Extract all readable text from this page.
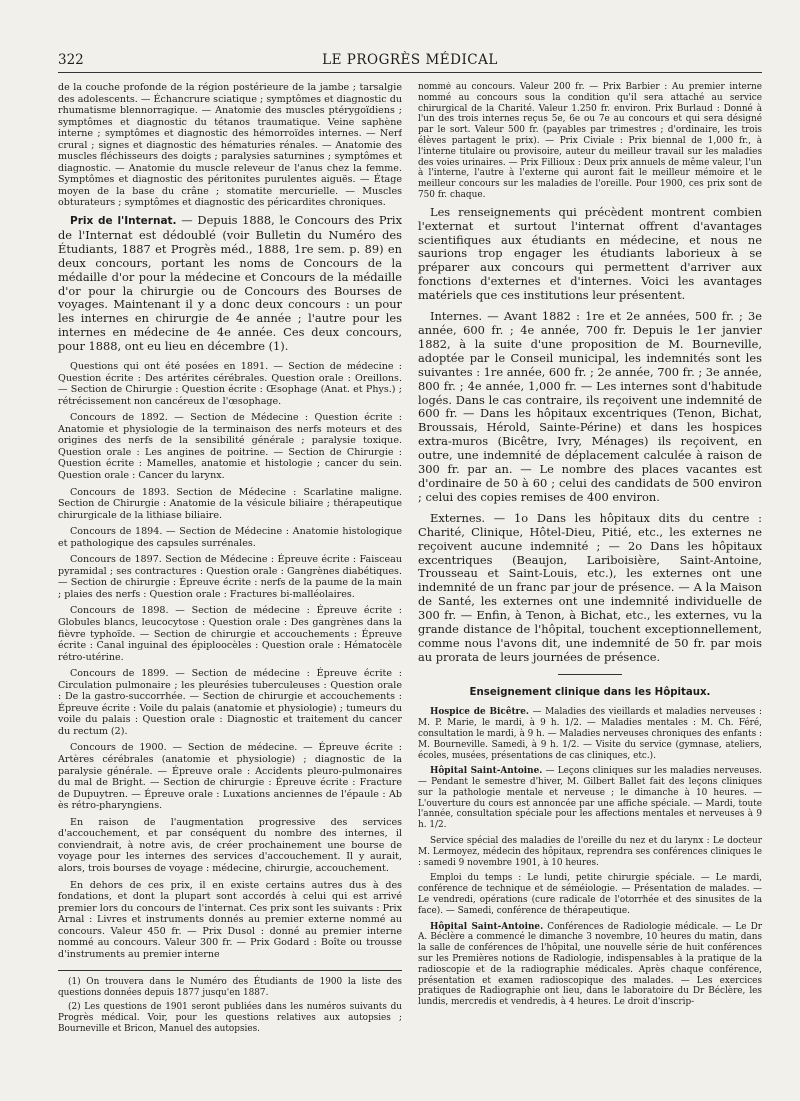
322	LE PROGRÈS MÉDICAL

de la couche profonde de la région postérieure de la jambe ; tarsalgie des adolescents. — Échancrure sciatique ; symptômes et diagnostic du rhumatisme blennorragique. — Anatomie des muscles ptérygoïdiens ; symptômes et diagnostic du tétanos traumatique. Veine saphène interne ; symptômes et diagnostic des hémorroïdes internes. — Nerf crural ; signes et diagnostic des hématuries rénales. — Anatomie des muscles fléchisseurs des doigts ; paralysies saturnines ; symptômes et diagnostic. — Anatomie du muscle releveur de l'anus chez la femme. Symptômes et diagnostic des péritonites purulentes aiguës. — Étage moyen de la base du crâne ; stomatite mercurielle. — Muscles obturateurs ; symptômes et diagnostic des péricardites chroniques.

Prix de l'Internat. — Depuis 1888, le Concours des Prix de l'Internat est dédoublé (voir Bulletin du Numéro des Étudiants, 1887 et Progrès méd., 1888, 1re sem. p. 89) en deux concours, portant les noms de Concours de la médaille d'or pour la médecine et Concours de la médaille d'or pour la chirurgie ou de Concours des Bourses de voyages. Maintenant il y a donc deux concours : un pour les internes en chirurgie de 4e année ; l'autre pour les internes en médecine de 4e année. Ces deux concours, pour 1888, ont eu lieu en décembre (1).

Questions qui ont été posées en 1891. — Section de médecine : Question écrite : Des artérites cérébrales. Question orale : Oreillons. — Section de Chirurgie : Question écrite : Œsophage (Anat. et Phys.) ; rétrécissement non cancéreux de l'œsophage.

Concours de 1892. — Section de Médecine : Question écrite : Anatomie et physiologie de la terminaison des nerfs moteurs et des origines des nerfs de la sensibilité générale ; paralysie toxique. Question orale : Les angines de poitrine. — Section de Chirurgie : Question écrite : Mamelles, anatomie et histologie ; cancer du sein. Question orale : Cancer du larynx.

Concours de 1893. Section de Médecine : Scarlatine maligne. Section de Chirurgie : Anatomie de la vésicule biliaire ; thérapeutique chirurgicale de la lithiase biliaire.

Concours de 1894. — Section de Médecine : Anatomie histologique et pathologique des capsules surrénales.

Concours de 1897. Section de Médecine : Épreuve écrite : Faisceau pyramidal ; ses contractures : Question orale : Gangrènes diabétiques. — Section de chirurgie : Épreuve écrite : nerfs de la paume de la main ; plaies des nerfs : Question orale : Fractures bi-malléolaires.

Concours de 1898. — Section de médecine : Épreuve écrite : Globules blancs, leucocytose : Question orale : Des gangrènes dans la fièvre typhoïde. — Section de chirurgie et accouchements : Épreuve écrite : Canal inguinal des épiploocèles : Question orale : Hématocèle rétro-utérine.

Concours de 1899. — Section de médecine : Épreuve écrite : Circulation pulmonaire ; les pleurésies tuberculeuses : Question orale : De la gastro-succorrhée. — Section de chirurgie et accouchements : Épreuve écrite : Voile du palais (anatomie et physiologie) ; tumeurs du voile du palais : Question orale : Diagnostic et traitement du cancer du rectum (2).

Concours de 1900. — Section de médecine. — Épreuve écrite : Artères cérébrales (anatomie et physiologie) ; diagnostic de la paralysie générale. — Épreuve orale : Accidents pleuro-pulmonaires du mal de Bright. — Section de chirurgie : Épreuve écrite : Fracture de Dupuytren. — Épreuve orale : Luxations anciennes de l'épaule : Ab ès rétro-pharyngiens.

En raison de l'augmentation progressive des services d'accouchement, et par conséquent du nombre des internes, il conviendrait, à notre avis, de créer prochainement une bourse de voyage pour les internes des services d'accouchement. Il y aurait, alors, trois bourses de voyage : médecine, chirurgie, accouchement.

En dehors de ces prix, il en existe certains autres dus à des fondations, et dont la plupart sont accordés à celui qui est arrivé premier lors du concours de l'internat. Ces prix sont les suivants : Prix Arnal : Livres et instruments donnés au premier externe nommé au concours. Valeur 450 fr. — Prix Dusol : donné au premier interne nommé au concours. Valeur 300 fr. — Prix Godard : Boîte ou trousse d'instruments au premier interne

(1) On trouvera dans le Numéro des Étudiants de 1900 la liste des questions données depuis 1877 jusqu'en 1887.

(2) Les questions de 1901 seront publiées dans les numéros suivants du Progrès médical. Voir, pour les questions relatives aux autopsies ; Bourneville et Bricon, Manuel des autopsies.

nommé au concours. Valeur 200 fr. — Prix Barbier : Au premier interne nommé au concours sous la condition qu'il sera attaché au service chirurgical de la Charité. Valeur 1.250 fr. environ. Prix Burlaud : Donné à l'un des trois internes reçus 5e, 6e ou 7e au concours et qui sera désigné par le sort. Valeur 500 fr. (payables par trimestres ; d'ordinaire, les trois élèves partagent le prix). — Prix Civiale : Prix biennal de 1,000 fr., à l'interne titulaire ou provisoire, auteur du meilleur travail sur les maladies des voies urinaires. — Prix Fillioux : Deux prix annuels de même valeur, l'un à l'interne, l'autre à l'externe qui auront fait le meilleur mémoire et le meilleur concours sur les maladies de l'oreille. Pour 1900, ces prix sont de 750 fr. chaque.

Les renseignements qui précèdent montrent combien l'externat et surtout l'internat offrent d'avantages scientifiques aux étudiants en médecine, et nous ne saurions trop engager les étudiants laborieux à se préparer aux concours qui permettent d'arriver aux fonctions d'externes et d'internes. Voici les avantages matériels que ces institutions leur présentent.

Internes. — Avant 1882 : 1re et 2e années, 500 fr. ; 3e année, 600 fr. ; 4e année, 700 fr. Depuis le 1er janvier 1882, à la suite d'une proposition de M. Bourneville, adoptée par le Conseil municipal, les indemnités sont les suivantes : 1re année, 600 fr. ; 2e année, 700 fr. ; 3e année, 800 fr. ; 4e année, 1,000 fr. — Les internes sont d'habitude logés. Dans le cas contraire, ils reçoivent une indemnité de 600 fr. — Dans les hôpitaux excentriques (Tenon, Bichat, Broussais, Hérold, Sainte-Périne) et dans les hospices extra-muros (Bicêtre, Ivry, Ménages) ils reçoivent, en outre, une indemnité de déplacement calculée à raison de 300 fr. par an. — Le nombre des places vacantes est d'ordinaire de 50 à 60 ; celui des candidats de 500 environ ; celui des copies remises de 400 environ.

Externes. — 1o Dans les hôpitaux dits du centre : Charité, Clinique, Hôtel-Dieu, Pitié, etc., les externes ne reçoivent aucune indemnité ; — 2o Dans les hôpitaux excentriques (Beaujon, Lariboisière, Saint-Antoine, Trousseau et Saint-Louis, etc.), les externes ont une indemnité de un franc par jour de présence. — A la Maison de Santé, les externes ont une indemnité individuelle de 300 fr. — Enfin, à Tenon, à Bichat, etc., les externes, vu la grande distance de l'hôpital, touchent exceptionnellement, comme nous l'avons dit, une indemnité de 50 fr. par mois au prorata de leurs journées de présence.

Enseignement clinique dans les Hôpitaux.

Hospice de Bicêtre. — Maladies des vieillards et maladies nerveuses : M. P. Marie, le mardi, à 9 h. 1/2. — Maladies mentales : M. Ch. Féré, consultation le mardi, à 9 h. — Maladies nerveuses chroniques des enfants : M. Bourneville. Samedi, à 9 h. 1/2. — Visite du service (gymnase, ateliers, écoles, musées, présentations de cas cliniques, etc.).

Hôpital Saint-Antoine. — Leçons cliniques sur les maladies nerveuses. — Pendant le semestre d'hiver, M. Gilbert Ballet fait des leçons cliniques sur la pathologie mentale et nerveuse ; le dimanche à 10 heures. — L'ouverture du cours est annoncée par une affiche spéciale. — Mardi, toute l'année, consultation spéciale pour les affections mentales et nerveuses à 9 h. 1/2.

Service spécial des maladies de l'oreille du nez et du larynx : Le docteur M. Lermoyez, médecin des hôpitaux, reprendra ses conférences cliniques le : samedi 9 novembre 1901, à 10 heures.

Emploi du temps : Le lundi, petite chirurgie spéciale. — Le mardi, conférence de technique et de séméiologie. — Présentation de malades. — Le vendredi, opérations (cure radicale de l'otorrhée et des sinusites de la face). — Samedi, conférence de thérapeutique.

Hôpital Saint-Antoine. Conférences de Radiologie médicale. — Le Dr A. Béclère a commencé le dimanche 3 novembre, 10 heures du matin, dans la salle de conférences de l'hôpital, une nouvelle série de huit conférences sur les Premières notions de Radiologie, indispensables à la pratique de la radioscopie et de la radiographie médicales. Après chaque conférence, présentation et examen radioscopique des malades. — Les exercices pratiques de Radiographie ont lieu, dans le laboratoire du Dr Béclère, les lundis, mercredis et vendredis, à 4 heures. Le droit d'inscrip-
